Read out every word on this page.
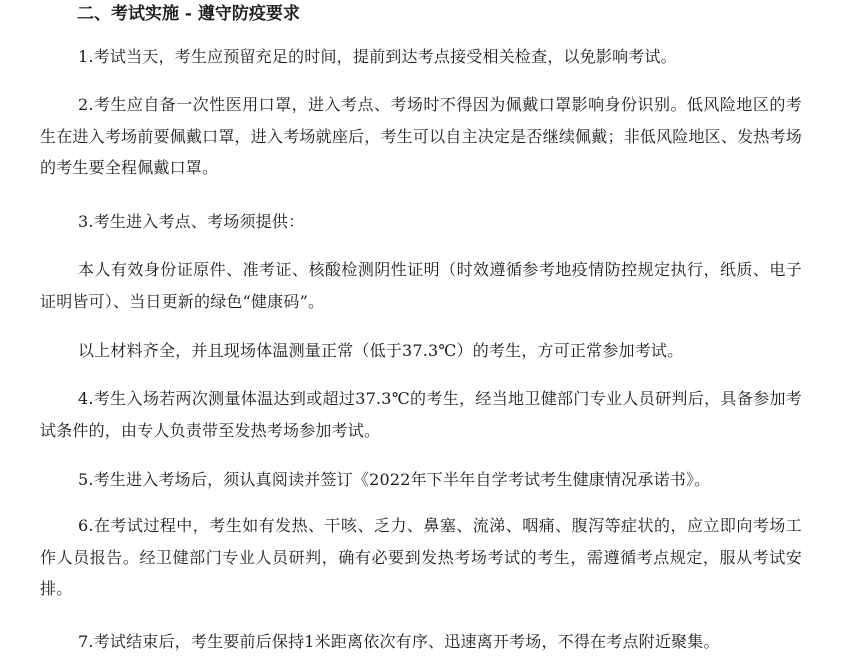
二、考试实施 - 遵守防疫要求

1.考试当天，考生应预留充足的时间，提前到达考点接受相关检查，以免影响考试。

2.考生应自备一次性医用口罩，进入考点、考场时不得因为佩戴口罩影响身份识别。低风险地区的考生在进入考场前要佩戴口罩，进入考场就座后，考生可以自主决定是否继续佩戴；非低风险地区、发热考场的考生要全程佩戴口罩。

3.考生进入考点、考场须提供：

本人有效身份证原件、准考证、核酸检测阴性证明（时效遵循参考地疫情防控规定执行，纸质、电子证明皆可）、当日更新的绿色“健康码”。

以上材料齐全，并且现场体温测量正常（低于37.3℃）的考生，方可正常参加考试。

4.考生入场若两次测量体温达到或超过37.3℃的考生，经当地卫健部门专业人员研判后，具备参加考试条件的，由专人负责带至发热考场参加考试。

5.考生进入考场后，须认真阅读并签订《2022年下半年自学考试考生健康情况承诺书》。

6.在考试过程中，考生如有发热、干咳、乏力、鼻塞、流涕、咽痛、腹泻等症状的，应立即向考场工作人员报告。经卫健部门专业人员研判，确有必要到发热考场考试的考生，需遵循考点规定，服从考试安排。

7.考试结束后，考生要前后保持1米距离依次有序、迅速离开考场，不得在考点附近聚集。
